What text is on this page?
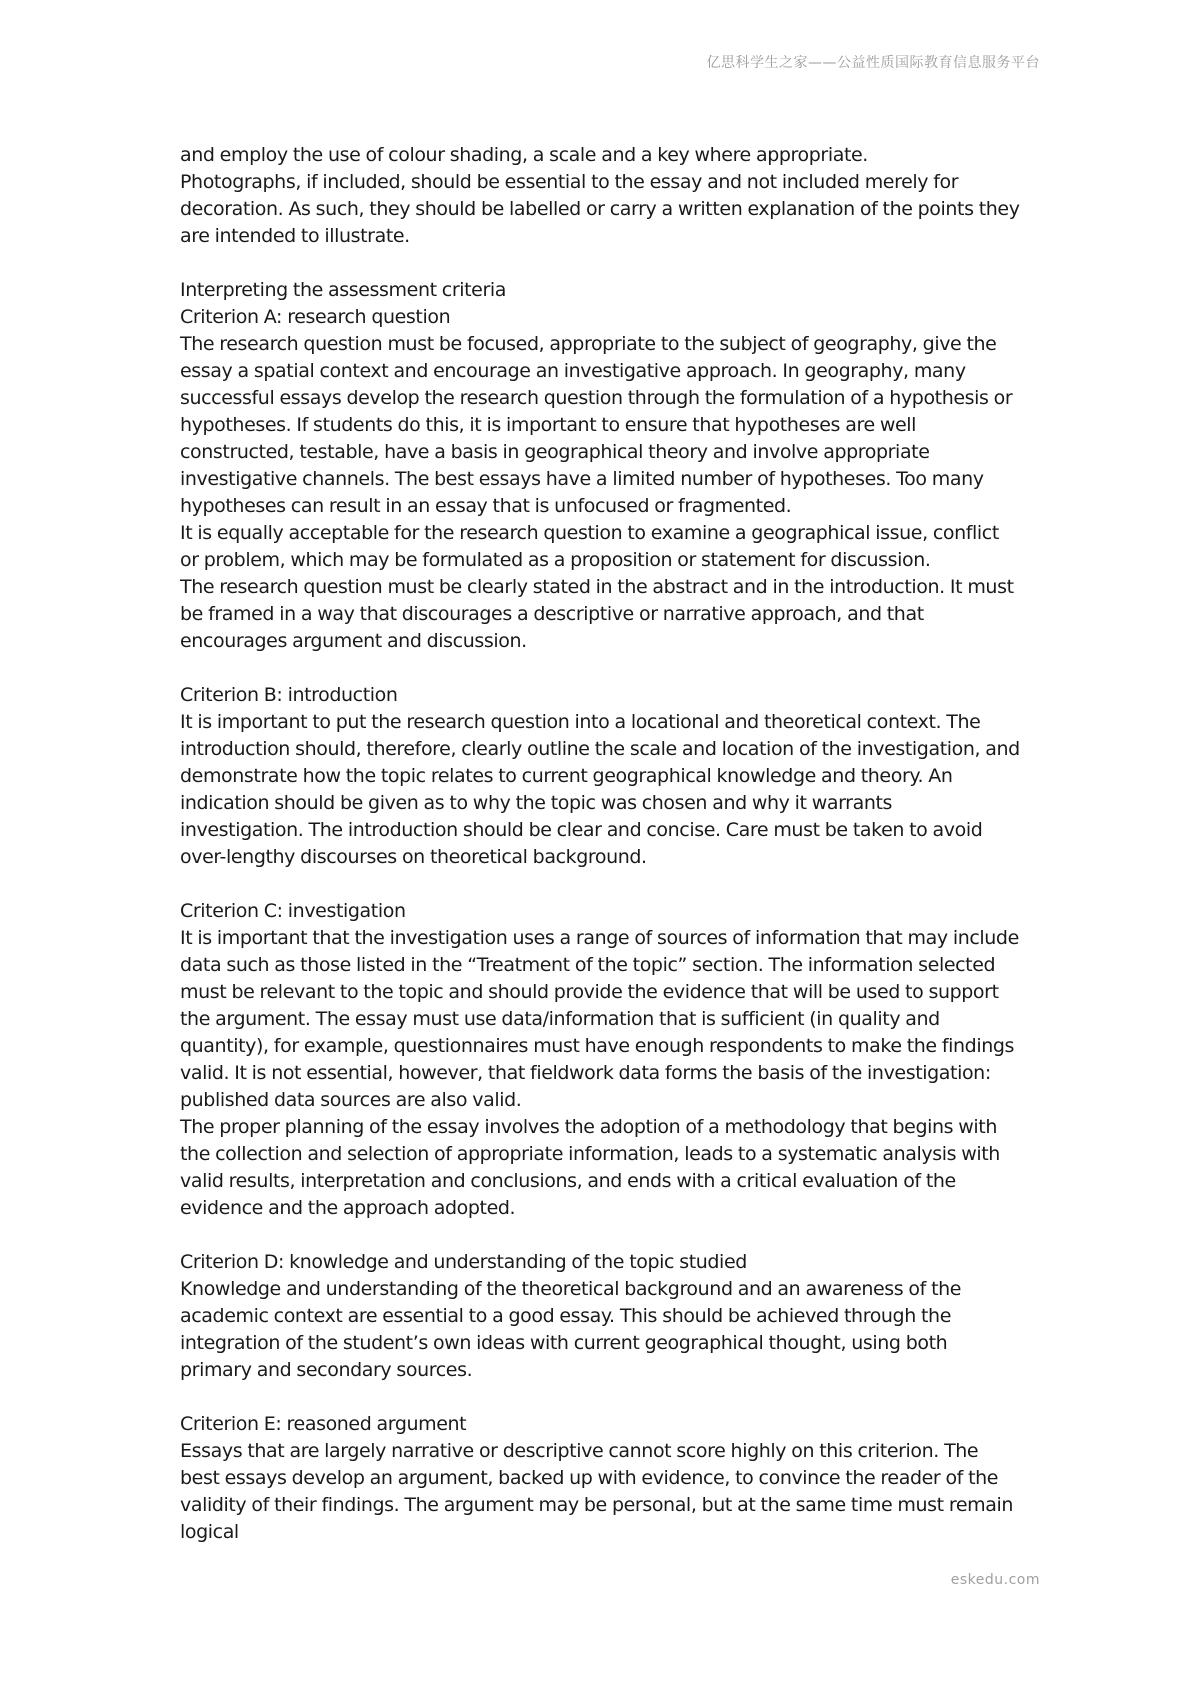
亿思科学生之家——公益性质国际教育信息服务平台

and employ the use of colour shading, a scale and a key where appropriate.

Photographs, if included, should be essential to the essay and not included merely for decoration. As such, they should be labelled or carry a written explanation of the points they are intended to illustrate.

Interpreting the assessment criteria

Criterion A: research question

The research question must be focused, appropriate to the subject of geography, give the essay a spatial context and encourage an investigative approach. In geography, many successful essays develop the research question through the formulation of a hypothesis or hypotheses. If students do this, it is important to ensure that hypotheses are well constructed, testable, have a basis in geographical theory and involve appropriate investigative channels. The best essays have a limited number of hypotheses. Too many hypotheses can result in an essay that is unfocused or fragmented.

It is equally acceptable for the research question to examine a geographical issue, conflict or problem, which may be formulated as a proposition or statement for discussion.

The research question must be clearly stated in the abstract and in the introduction. It must be framed in a way that discourages a descriptive or narrative approach, and that encourages argument and discussion.

Criterion B: introduction

It is important to put the research question into a locational and theoretical context. The introduction should, therefore, clearly outline the scale and location of the investigation, and demonstrate how the topic relates to current geographical knowledge and theory. An indication should be given as to why the topic was chosen and why it warrants investigation. The introduction should be clear and concise. Care must be taken to avoid over-lengthy discourses on theoretical background.

Criterion C: investigation

It is important that the investigation uses a range of sources of information that may include data such as those listed in the “Treatment of the topic” section. The information selected must be relevant to the topic and should provide the evidence that will be used to support the argument. The essay must use data/information that is sufficient (in quality and quantity), for example, questionnaires must have enough respondents to make the findings valid. It is not essential, however, that fieldwork data forms the basis of the investigation: published data sources are also valid.

The proper planning of the essay involves the adoption of a methodology that begins with the collection and selection of appropriate information, leads to a systematic analysis with valid results, interpretation and conclusions, and ends with a critical evaluation of the evidence and the approach adopted.

Criterion D: knowledge and understanding of the topic studied

Knowledge and understanding of the theoretical background and an awareness of the academic context are essential to a good essay. This should be achieved through the integration of the student’s own ideas with current geographical thought, using both primary and secondary sources.

Criterion E: reasoned argument

Essays that are largely narrative or descriptive cannot score highly on this criterion. The best essays develop an argument, backed up with evidence, to convince the reader of the validity of their findings. The argument may be personal, but at the same time must remain logical

eskedu.com
